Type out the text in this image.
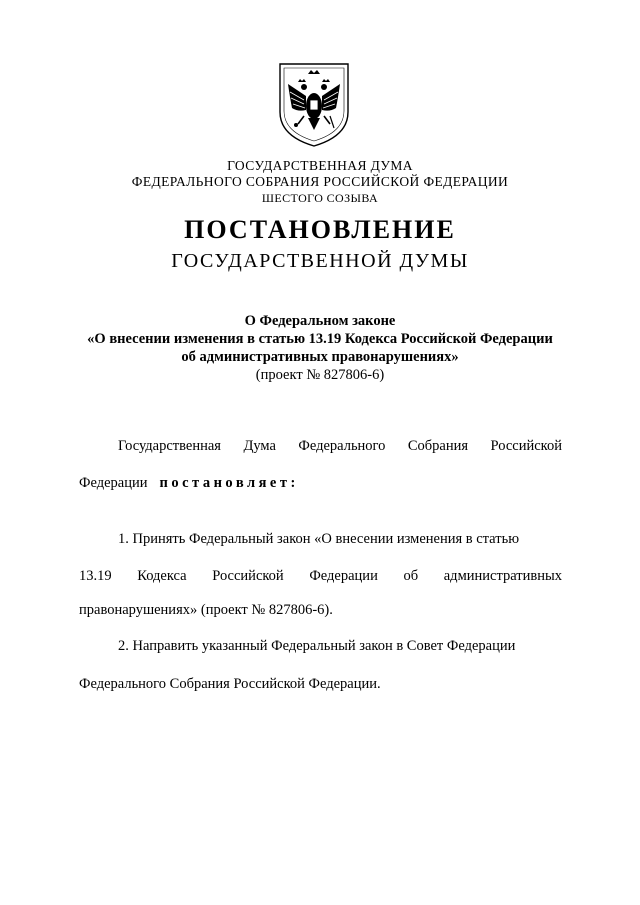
ГОСУДАРСТВЕННАЯ ДУМА
ФЕДЕРАЛЬНОГО СОБРАНИЯ РОССИЙСКОЙ ФЕДЕРАЦИИ
ШЕСТОГО СОЗЫВА
ПОСТАНОВЛЕНИЕ
ГОСУДАРСТВЕННОЙ ДУМЫ
О Федеральном законе
«О внесении изменения в статью 13.19 Кодекса Российской Федерации
об административных правонарушениях»
(проект № 827806-6)
Государственная Дума Федерального Собрания Российской
Федерации постановляет:
1. Принять Федеральный закон «О внесении изменения в статью
13.19 Кодекса Российской Федерации об административных
правонарушениях» (проект № 827806-6).
2. Направить указанный Федеральный закон в Совет Федерации
Федерального Собрания Российской Федерации.
